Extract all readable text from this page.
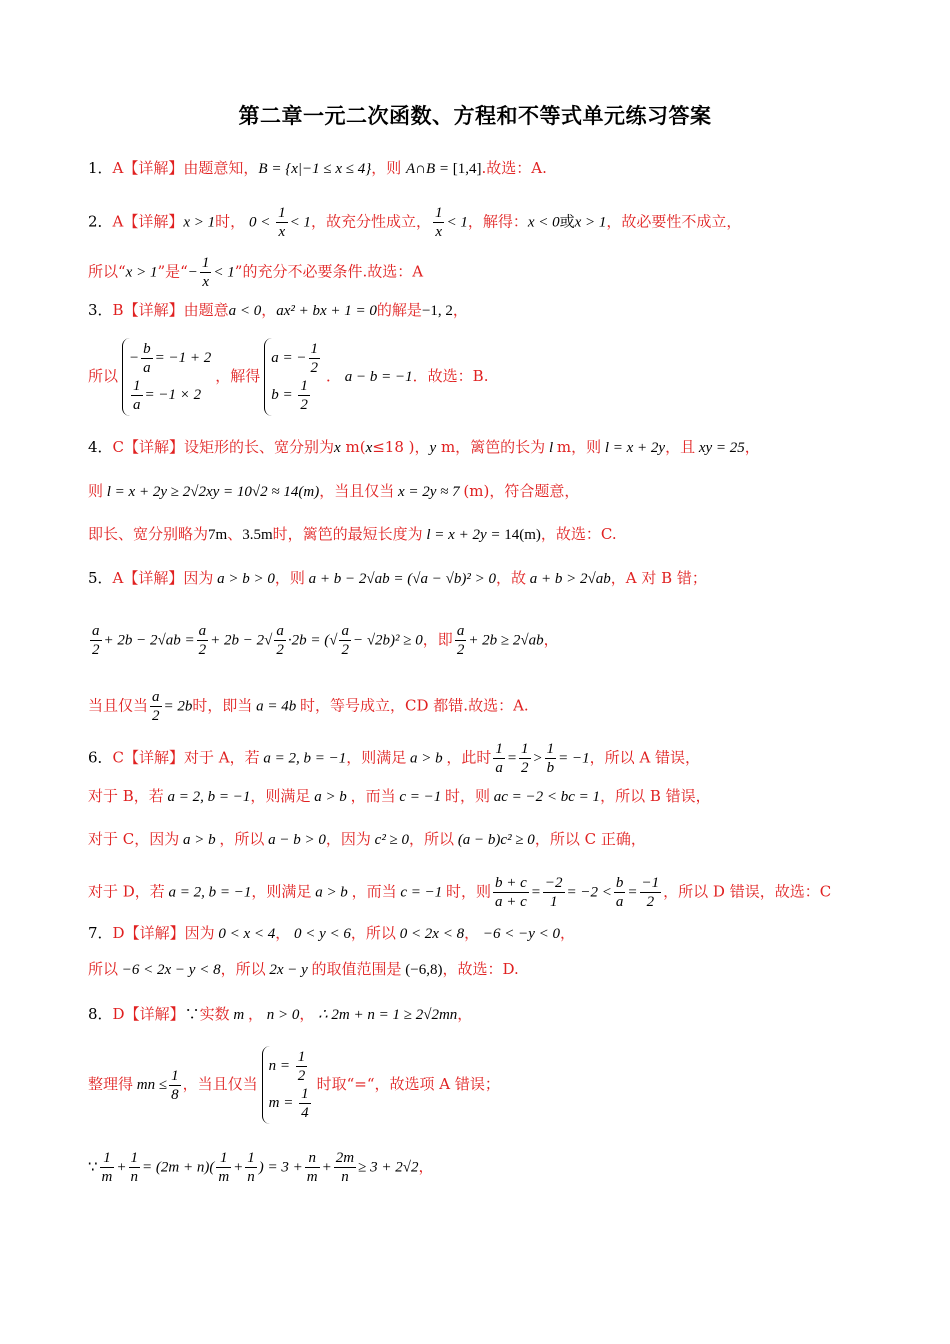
第二章一元二次函数、方程和不等式单元练习答案
1．A【详解】由题意知，B = {x|−1 ≤ x ≤ 4}，则 A∩B = [1,4].故选：A.
2．A【详解】x > 1时， $0 < \frac{1}{x} < 1$，故充分性成立， $\frac{1}{x} < 1$，解得：x < 0或x > 1，故必要性不成立，
所以“x > 1”是“− $\frac{1}{x} < 1$”的充分不必要条件.故选：A
3．B【详解】由题意a < 0，ax² + bx + 1 = 0的解是−1, 2，
所以
− $\frac{b}{a} = -1 + 2$
$\frac{1}{a} = -1 \times 2$
，解得
a = − $\frac{1}{2}$
$b = \frac{1}{2}$
． a − b = −1．故选：B.
4．C【详解】设矩形的长、宽分别为x m(x≤18 )，y m，篱笆的长为 l m，则 l = x + 2y，且 xy = 25，
则 l = x + 2y ≥ 2√2xy = 10√2 ≈ 14(m)，当且仅当 x = 2y ≈ 7 (m)，符合题意，
即长、宽分别略为7m、3.5m时，篱笆的最短长度为 l = x + 2y = 14(m)，故选：C.
5．A【详解】因为 a > b > 0，则 a + b − 2√ab = (√a − √b)² > 0，故 a + b > 2√ab，A 对 B 错；
$\frac{a}{2} + 2b - 2√ab = \frac{a}{2} + 2b - 2√ \frac{a}{2} \cdot 2b$ = (√ $\frac{a}{2} - √2b)^2 \ge 0$，即 $\frac{a}{2} + 2b \ge 2√ab$，
当且仅当 $\frac{a}{2} = 2b$时，即当 a = 4b 时，等号成立，CD 都错.故选：A.
6．C【详解】对于 A，若 a = 2, b = −1，则满足 a > b ，此时 $\frac{1}{a} = \frac{1}{2} > \frac{1}{b} = -1$，所以 A 错误，
对于 B，若 a = 2, b = −1，则满足 a > b ，而当 c = −1 时，则 ac = −2 < bc = 1，所以 B 错误，
对于 C，因为 a > b ，所以 a − b > 0，因为 c² ≥ 0，所以 (a − b)c² ≥ 0，所以 C 正确，
对于 D，若 a = 2, b = −1，则满足 a > b ，而当 c = −1 时，则 $\frac{b + c}{a + c} = \frac{-2}{1} = -2 < \frac{b}{a} = \frac{-1}{2}$ ，所以 D 错误，故选：C
7．D【详解】因为 0 < x < 4， 0 < y < 6，所以 0 < 2x < 8， −6 < −y < 0，
所以 −6 < 2x − y < 8，所以 2x − y 的取值范围是 (−6,8)，故选：D.
8．D【详解】∵实数 m ， n > 0， ∴ 2m + n = 1 ≥ 2√2mn，
整理得 mn ≤ $\frac{1}{8}$ ，当且仅当
$n = \frac{1}{2}$
$m = \frac{1}{4}$
时取“=“，故选项 A 错误；
∵ $\frac{1}{m} + \frac{1}{n} = (2m + n)( \frac{1}{m} + \frac{1}{n}$ ) = $3 + \frac{n}{m} + \frac{2m}{n} \ge 3 + 2√2$，
